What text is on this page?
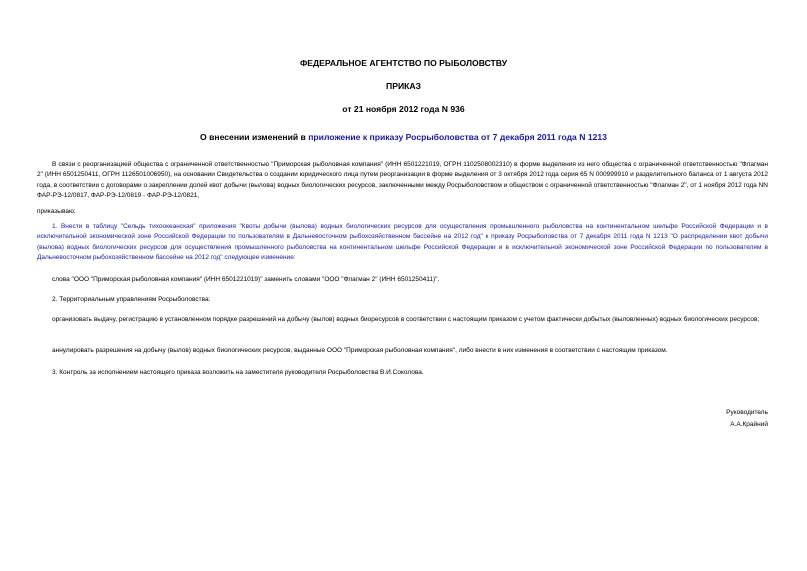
ФЕДЕРАЛЬНОЕ АГЕНТСТВО ПО РЫБОЛОВСТВУ
ПРИКАЗ
от 21 ноября 2012 года N 936
О внесении изменений в приложение к приказу Росрыболовства от 7 декабря 2011 года N 1213
В связи с реорганизацией общества с ограниченной ответственностью "Приморская рыболовная компания" (ИНН 6501221019, ОГРН 1102508002310) в форме выделения из него общества с ограниченной ответственностью "Флагман 2" (ИНН 6501250411, ОГРН 1126501006950), на основании Свидетельства о создании юридического лица путем реорганизации в форме выделения от 3 октября 2012 года серия 65 N 000999910 и разделительного баланса от 1 августа 2012 года, в соответствии с договорами о закреплении долей квот добычи (вылова) водных биологических ресурсов, заключенными между Росрыболовством и обществом с ограниченной ответственностью "Флагман 2", от 1 ноября 2012 года NN ФАР-РЭ-12/0817, ФАР-РЭ-12/0819 - ФАР-РЭ-12/0821,
приказываю:
1. Внести в таблицу "Сельдь тихоокеанская" приложения "Квоты добычи (вылова) водных биологических ресурсов для осуществления промышленного рыболовства на континентальном шельфе Российской Федерации и в исключительной экономической зоне Российской Федерации по пользователям в Дальневосточном рыбохозяйственном бассейне на 2012 год" к приказу Росрыболовства от 7 декабря 2011 года N 1213 "О распределении квот добычи (вылова) водных биологических ресурсов для осуществления промышленного рыболовства на континентальном шельфе Российской Федерации и в исключительной экономической зоне Российской Федерации по пользователям в Дальневосточном рыбохозяйственном бассейне на 2012 год" следующее изменение:
слова "ООО "Приморская рыболовная компания" (ИНН 6501221019)" заменить словами "ООО "Флагман 2" (ИНН 6501250411)".
2. Территориальным управлениям Росрыболовства:
организовать выдачу, регистрацию в установленном порядке разрешений на добычу (вылов) водных биоресурсов в соответствии с настоящим приказом с учетом фактически добытых (выловленных) водных биологических ресурсов;
аннулировать разрешения на добычу (вылов) водных биологических ресурсов, выданные ООО "Приморская рыболовная компания", либо внести в них изменения в соответствии с настоящим приказом.
3. Контроль за исполнением настоящего приказа возложить на заместителя руководителя Росрыболовства В.И.Соколова.
Руководитель
А.А.Крайний
